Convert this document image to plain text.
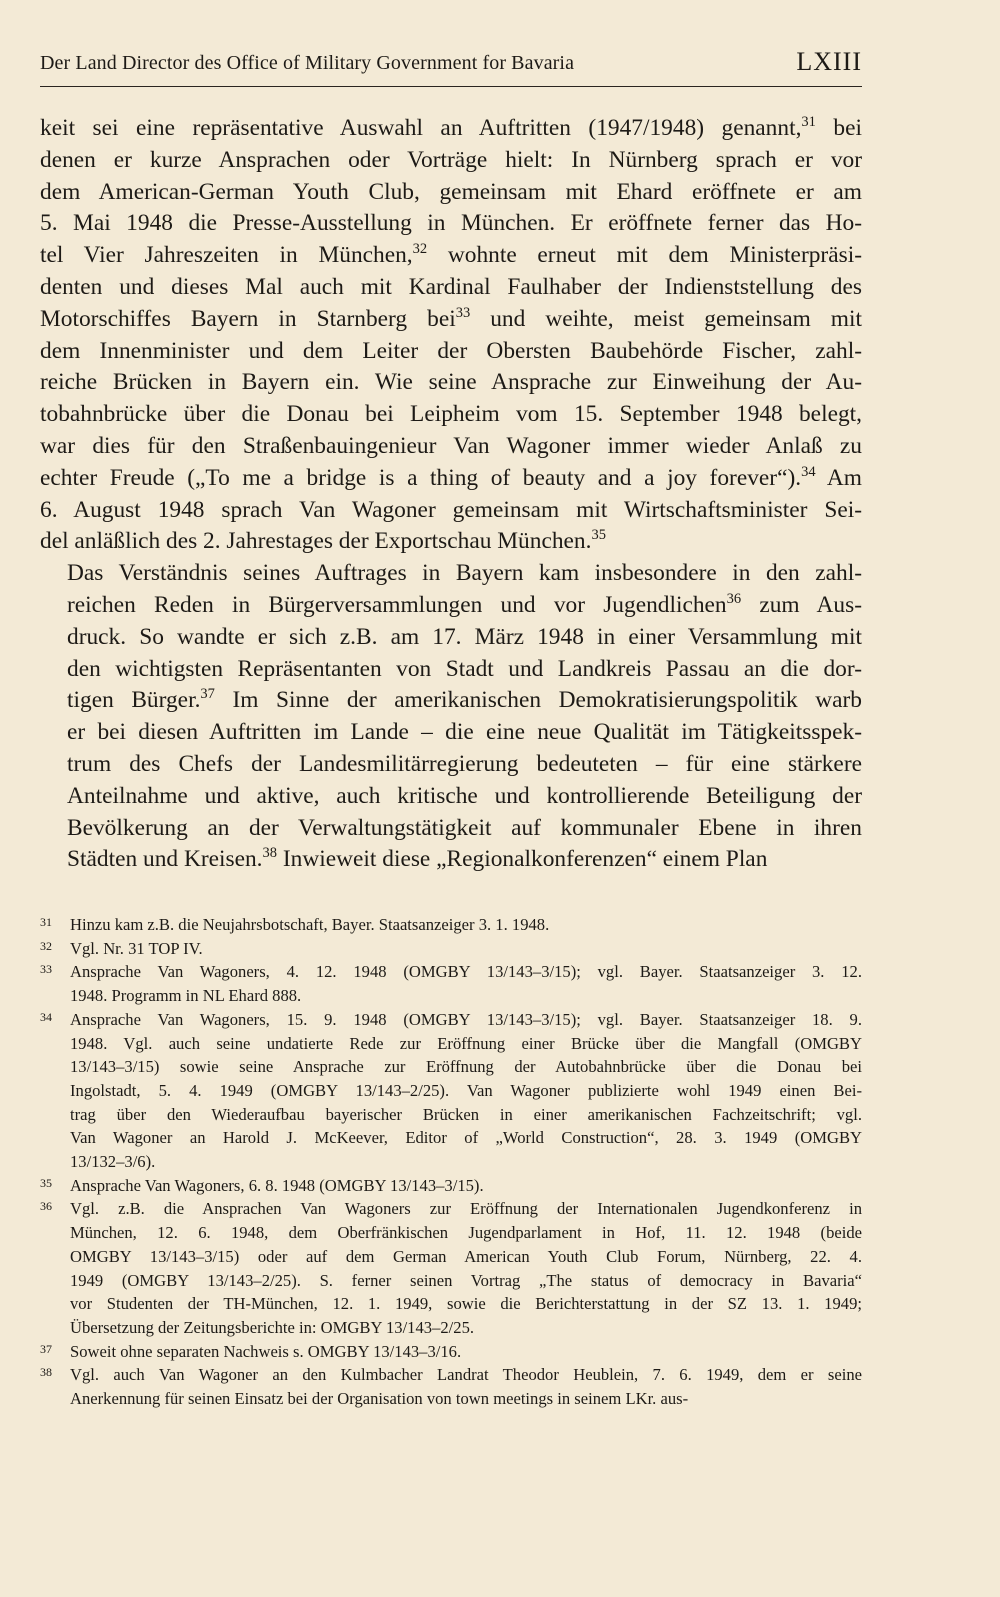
Der Land Director des Office of Military Government for Bavaria	LXIII

keit sei eine repräsentative Auswahl an Auftritten (1947/1948) genannt,$^{31}$ bei
denen er kurze Ansprachen oder Vorträge hielt: In Nürnberg sprach er vor
dem American-German Youth Club, gemeinsam mit Ehard eröffnete er am
5. Mai 1948 die Presse-Ausstellung in München. Er eröffnete ferner das Ho-
tel Vier Jahreszeiten in München,$^{32}$ wohnte erneut mit dem Ministerpräsi-
denten und dieses Mal auch mit Kardinal Faulhaber der Indienststellung des
Motorschiffes Bayern in Starnberg bei$^{33}$ und weihte, meist gemeinsam mit
dem Innenminister und dem Leiter der Obersten Baubehörde Fischer, zahl-
reiche Brücken in Bayern ein. Wie seine Ansprache zur Einweihung der Au-
tobahnbrücke über die Donau bei Leipheim vom 15. September 1948 belegt,
war dies für den Straßenbauingenieur Van Wagoner immer wieder Anlaß zu
echter Freude („To me a bridge is a thing of beauty and a joy forever“).$^{34}$ Am
6. August 1948 sprach Van Wagoner gemeinsam mit Wirtschaftsminister Sei-
del anläßlich des 2. Jahrestages der Exportschau München.$^{35}$

Das Verständnis seines Auftrages in Bayern kam insbesondere in den zahl-
reichen Reden in Bürgerversammlungen und vor Jugendlichen$^{36}$ zum Aus-
druck. So wandte er sich z.B. am 17. März 1948 in einer Versammlung mit
den wichtigsten Repräsentanten von Stadt und Landkreis Passau an die dor-
tigen Bürger.$^{37}$ Im Sinne der amerikanischen Demokratisierungspolitik warb
er bei diesen Auftritten im Lande – die eine neue Qualität im Tätigkeitsspek-
trum des Chefs der Landesmilitärregierung bedeuteten – für eine stärkere
Anteilnahme und aktive, auch kritische und kontrollierende Beteiligung der
Bevölkerung an der Verwaltungstätigkeit auf kommunaler Ebene in ihren
Städten und Kreisen.$^{38}$ Inwieweit diese „Regionalkonferenzen“ einem Plan

31 Hinzu kam z.B. die Neujahrsbotschaft, Bayer. Staatsanzeiger 3. 1. 1948.
32 Vgl. Nr. 31 TOP IV.
33 Ansprache Van Wagoners, 4. 12. 1948 (OMGBY 13/143–3/15); vgl. Bayer. Staatsanzeiger 3. 12.
1948. Programm in NL Ehard 888.
34 Ansprache Van Wagoners, 15. 9. 1948 (OMGBY 13/143–3/15); vgl. Bayer. Staatsanzeiger 18. 9.
1948. Vgl. auch seine undatierte Rede zur Eröffnung einer Brücke über die Mangfall (OMGBY
13/143–3/15) sowie seine Ansprache zur Eröffnung der Autobahnbrücke über die Donau bei
Ingolstadt, 5. 4. 1949 (OMGBY 13/143–2/25). Van Wagoner publizierte wohl 1949 einen Bei-
trag über den Wiederaufbau bayerischer Brücken in einer amerikanischen Fachzeitschrift; vgl.
Van Wagoner an Harold J. McKeever, Editor of „World Construction“, 28. 3. 1949 (OMGBY
13/132–3/6).
35 Ansprache Van Wagoners, 6. 8. 1948 (OMGBY 13/143–3/15).
36 Vgl. z.B. die Ansprachen Van Wagoners zur Eröffnung der Internationalen Jugendkonferenz in
München, 12. 6. 1948, dem Oberfränkischen Jugendparlament in Hof, 11. 12. 1948 (beide
OMGBY 13/143–3/15) oder auf dem German American Youth Club Forum, Nürnberg, 22. 4.
1949 (OMGBY 13/143–2/25). S. ferner seinen Vortrag „The status of democracy in Bavaria“
vor Studenten der TH-München, 12. 1. 1949, sowie die Berichterstattung in der SZ 13. 1. 1949;
Übersetzung der Zeitungsberichte in: OMGBY 13/143–2/25.
37 Soweit ohne separaten Nachweis s. OMGBY 13/143–3/16.
38 Vgl. auch Van Wagoner an den Kulmbacher Landrat Theodor Heublein, 7. 6. 1949, dem er seine
Anerkennung für seinen Einsatz bei der Organisation von town meetings in seinem LKr. aus-
